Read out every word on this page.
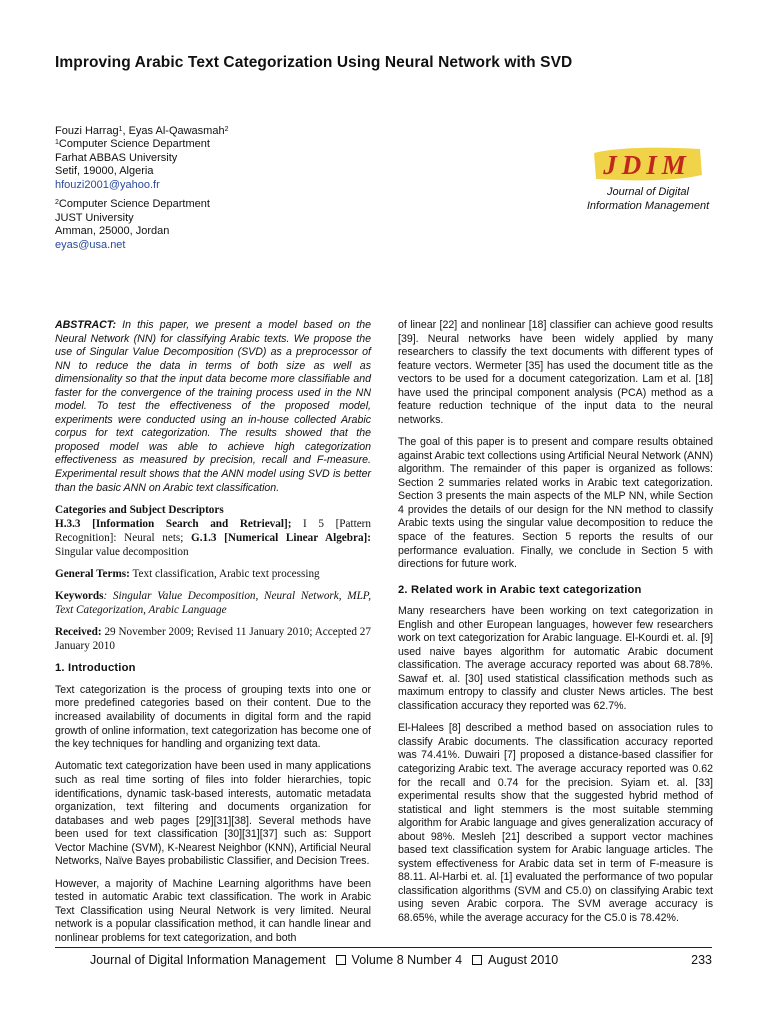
Improving Arabic Text Categorization Using Neural Network with SVD
Fouzi Harrag$^1$, Eyas Al-Qawasmah$^2$
$^1$Computer Science Department
Farhat ABBAS University
Setif, 19000, Algeria
hfouzi2001@yahoo.fr
$^2$Computer Science Department
JUST University
Amman, 25000, Jordan
eyas@usa.net
JDIM
Journal of Digital
Information Management

ABSTRACT: In this paper, we present a model based on the Neural Network (NN) for classifying Arabic texts. We propose the use of Singular Value Decomposition (SVD) as a preprocessor of NN to reduce the data in terms of both size as well as dimensionality so that the input data become more classifiable and faster for the convergence of the training process used in the NN model. To test the effectiveness of the proposed model, experiments were conducted using an in-house collected Arabic corpus for text categorization. The results showed that the proposed model was able to achieve high categorization effectiveness as measured by precision, recall and F-measure. Experimental result shows that the ANN model using SVD is better than the basic ANN on Arabic text classification.

Categories and Subject Descriptors

H.3.3 [Information Search and Retrieval]; I 5 [Pattern Recognition]: Neural nets; G.1.3 [Numerical Linear Algebra]: Singular value decomposition

General Terms: Text classification, Arabic text processing

Keywords: Singular Value Decomposition, Neural Network, MLP, Text Categorization, Arabic Language

Received: 29 November 2009; Revised 11 January 2010; Accepted 27 January 2010

1. Introduction

Text categorization is the process of grouping texts into one or more predefined categories based on their content. Due to the increased availability of documents in digital form and the rapid growth of online information, text categorization has become one of the key techniques for handling and organizing text data.

Automatic text categorization have been used in many applications such as real time sorting of files into folder hierarchies, topic identifications, dynamic task-based interests, automatic metadata organization, text filtering and documents organization for databases and web pages [29][31][38]. Several methods have been used for text classification [30][31][37] such as: Support Vector Machine (SVM), K-Nearest Neighbor (KNN), Artificial Neural Networks, Naïve Bayes probabilistic Classifier, and Decision Trees.

However, a majority of Machine Learning algorithms have been tested in automatic Arabic text classification. The work in Arabic Text Classification using Neural Network is very limited. Neural network is a popular classification method, it can handle linear and nonlinear problems for text categorization, and both

of linear [22] and nonlinear [18] classifier can achieve good results [39]. Neural networks have been widely applied by many researchers to classify the text documents with different types of feature vectors. Wermeter [35] has used the document title as the vectors to be used for a document categorization. Lam et al. [18] have used the principal component analysis (PCA) method as a feature reduction technique of the input data to the neural networks.

The goal of this paper is to present and compare results obtained against Arabic text collections using Artificial Neural Network (ANN) algorithm. The remainder of this paper is organized as follows: Section 2 summaries related works in Arabic text categorization. Section 3 presents the main aspects of the MLP NN, while Section 4 provides the details of our design for the NN method to classify Arabic texts using the singular value decomposition to reduce the space of the features. Section 5 reports the results of our performance evaluation. Finally, we conclude in Section 5 with directions for future work.

2. Related work in Arabic text categorization

Many researchers have been working on text categorization in English and other European languages, however few researchers work on text categorization for Arabic language. El-Kourdi et. al. [9] used naive bayes algorithm for automatic Arabic document classification. The average accuracy reported was about 68.78%. Sawaf et. al. [30] used statistical classification methods such as maximum entropy to classify and cluster News articles. The best classification accuracy they reported was 62.7%.

El-Halees [8] described a method based on association rules to classify Arabic documents. The classification accuracy reported was 74.41%. Duwairi [7] proposed a distance-based classifier for categorizing Arabic text. The average accuracy reported was 0.62 for the recall and 0.74 for the precision. Syiam et. al. [33] experimental results show that the suggested hybrid method of statistical and light stemmers is the most suitable stemming algorithm for Arabic language and gives generalization accuracy of about 98%. Mesleh [21] described a support vector machines based text classification system for Arabic language articles. The system effectiveness for Arabic data set in term of F-measure is 88.11. Al-Harbi et. al. [1] evaluated the performance of two popular classification algorithms (SVM and C5.0) on classifying Arabic text using seven Arabic corpora. The SVM average accuracy is 68.65%, while the average accuracy for the C5.0 is 78.42%.

Journal of Digital Information Management Volume 8 Number 4 August 2010	233
